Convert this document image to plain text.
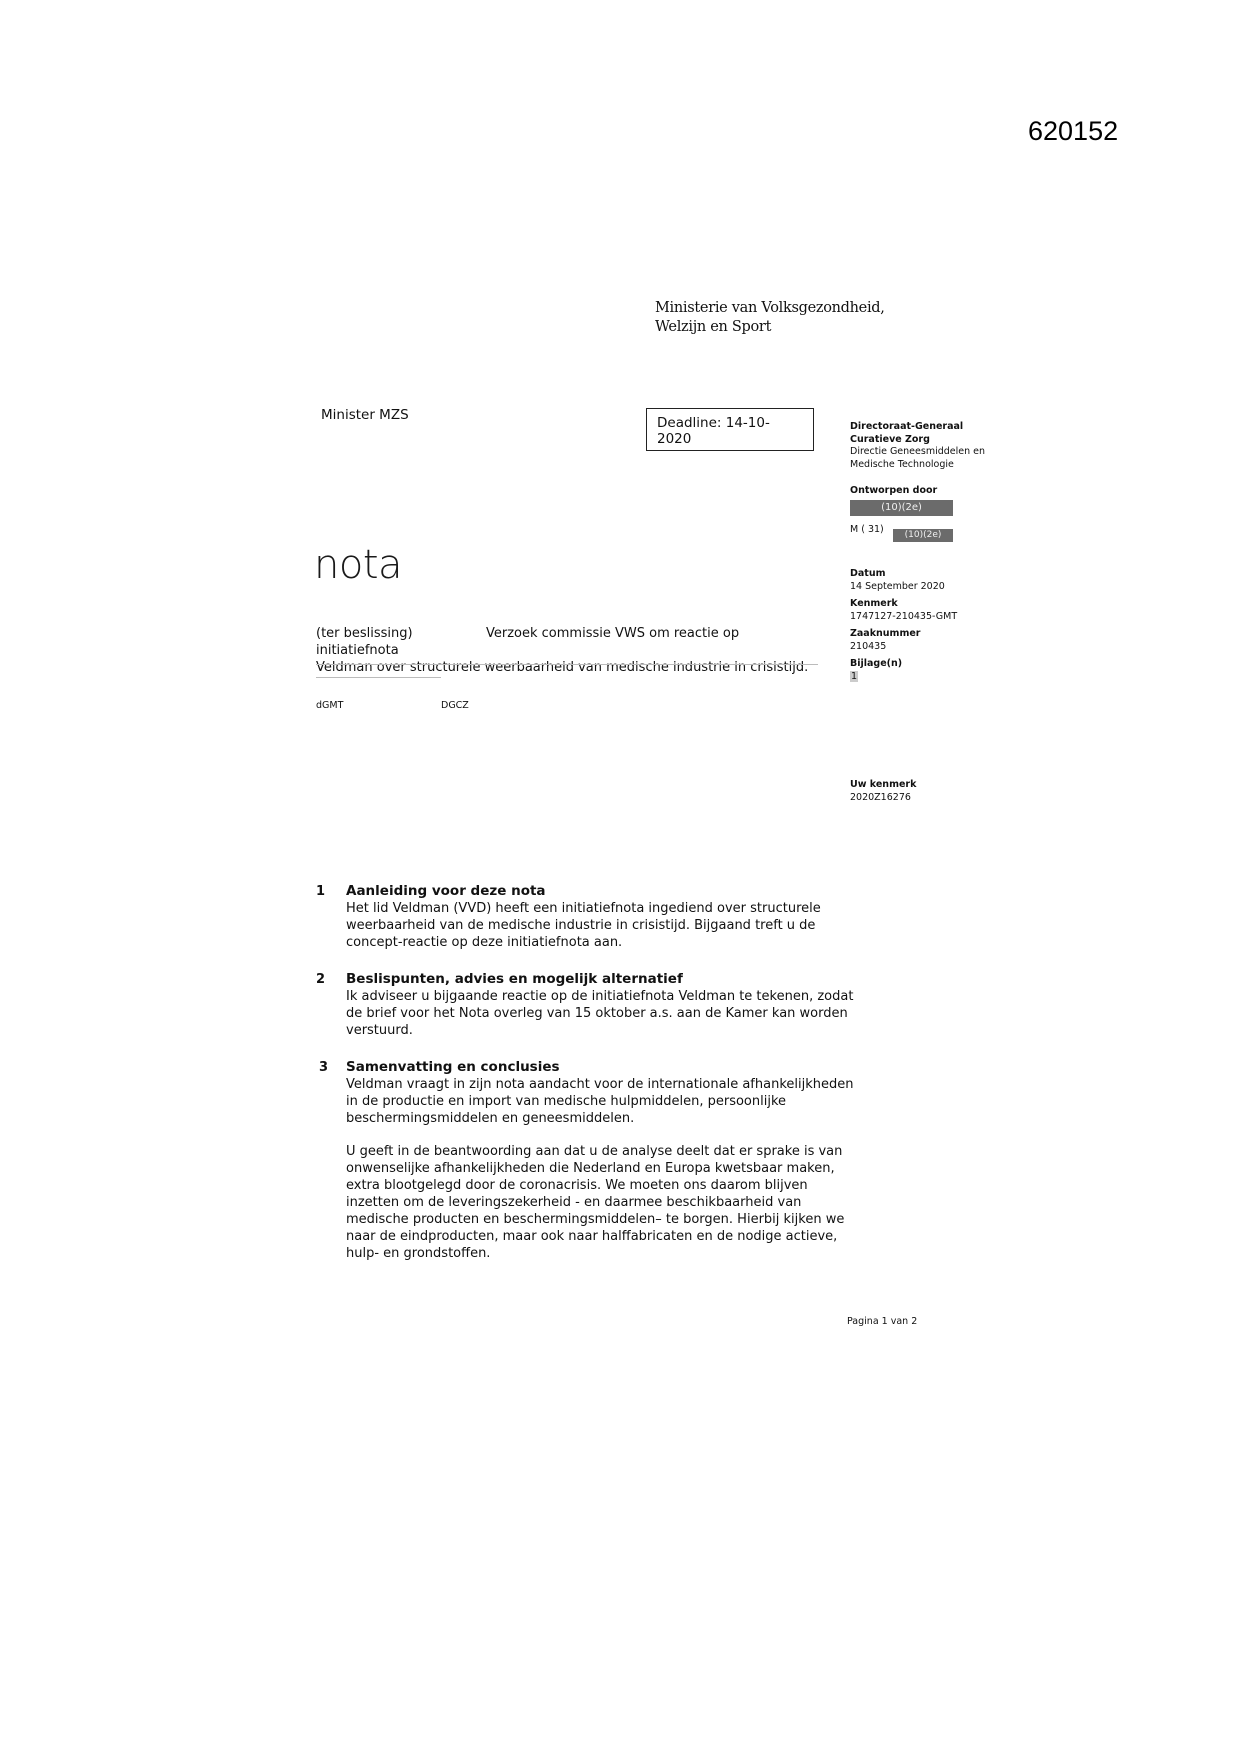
620152
Ministerie van Volksgezondheid,
Welzijn en Sport
Minister MZS	Deadline: 14-10-2020
nota
(ter beslissing)	Verzoek commissie VWS om reactie op initiatiefnota
Veldman over structurele weerbaarheid van medische industrie in crisistijd.
dGMT	DGCZ
Directoraat-Generaal
Curatieve Zorg
Directie Geneesmiddelen en
Medische Technologie
Ontworpen door
(10)(2e)
M ( 31)	(10)(2e)
Datum
14 September 2020
Kenmerk
1747127-210435-GMT
Zaaknummer
210435
Bijlage(n)
1
Uw kenmerk
2020Z16276
1 Aanleiding voor deze nota

Het lid Veldman (VVD) heeft een initiatiefnota ingediend over structurele weerbaarheid van de medische industrie in crisistijd. Bijgaand treft u de concept-reactie op deze initiatiefnota aan.

2 Beslispunten, advies en mogelijk alternatief

Ik adviseer u bijgaande reactie op de initiatiefnota Veldman te tekenen, zodat de brief voor het Nota overleg van 15 oktober a.s. aan de Kamer kan worden verstuurd.

3 Samenvatting en conclusies

Veldman vraagt in zijn nota aandacht voor de internationale afhankelijkheden in de productie en import van medische hulpmiddelen, persoonlijke beschermingsmiddelen en geneesmiddelen.

U geeft in de beantwoording aan dat u de analyse deelt dat er sprake is van onwenselijke afhankelijkheden die Nederland en Europa kwetsbaar maken, extra blootgelegd door de coronacrisis. We moeten ons daarom blijven inzetten om de leveringszekerheid - en daarmee beschikbaarheid van medische producten en beschermingsmiddelen– te borgen. Hierbij kijken we naar de eindproducten, maar ook naar halffabricaten en de nodige actieve, hulp- en grondstoffen.

Pagina 1 van 2
